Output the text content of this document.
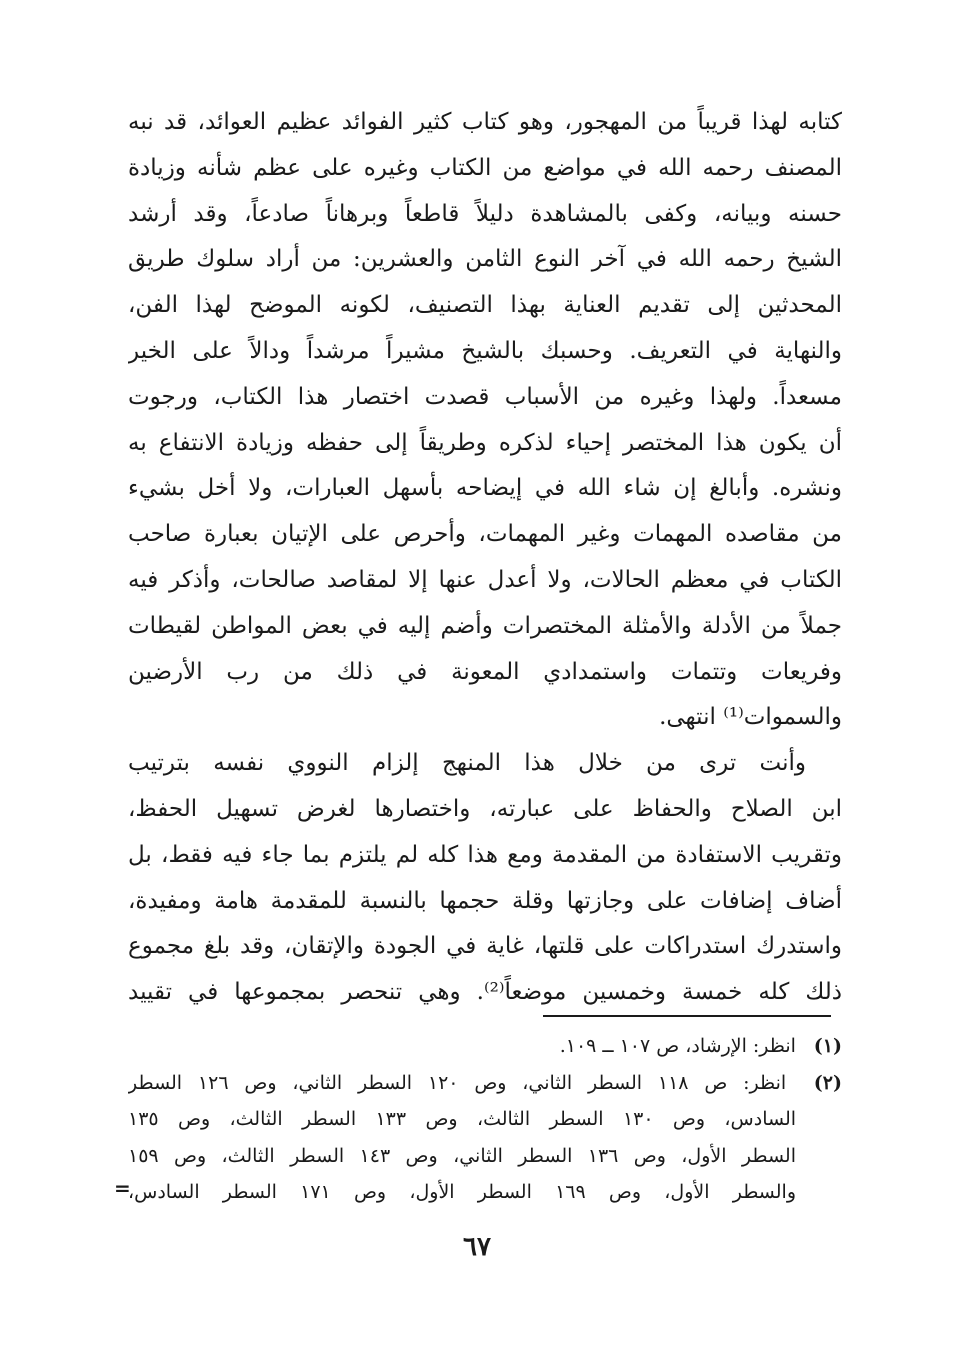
كتابه لهذا قريباً من المهجور، وهو كتاب كثير الفوائد عظيم العوائد، قد نبه
المصنف رحمه الله في مواضع من الكتاب وغيره على عظم شأنه وزيادة
حسنه وبيانه، وكفى بالمشاهدة دليلاً قاطعاً وبرهاناً صادعاً، وقد أرشد
الشيخ رحمه الله في آخر النوع الثامن والعشرين: من أراد سلوك طريق
المحدثين إلى تقديم العناية بهذا التصنيف، لكونه الموضح لهذا الفن،
والنهاية في التعريف. وحسبك بالشيخ مشيراً مرشداً ودالاً على الخير
مسعداً. ولهذا وغيره من الأسباب قصدت اختصار هذا الكتاب، ورجوت
أن يكون هذا المختصر إحياء لذكره وطريقاً إلى حفظه وزيادة الانتفاع به
ونشره. وأبالغ إن شاء الله في إيضاحه بأسهل العبارات، ولا أخل بشيء
من مقاصده المهمات وغير المهمات، وأحرص على الإتيان بعبارة صاحب
الكتاب في معظم الحالات، ولا أعدل عنها إلا لمقاصد صالحات، وأذكر فيه
جملاً من الأدلة والأمثلة المختصرات وأضم إليه في بعض المواطن لقيطات
وفريعات وتتمات واستمدادي المعونة في ذلك من رب الأرضين
والسموات⁽¹⁾ انتهى.
وأنت ترى من خلال هذا المنهج إلزام النووي نفسه بترتيب
ابن الصلاح والحفاظ على عبارته، واختصارها لغرض تسهيل الحفظ،
وتقريب الاستفادة من المقدمة ومع هذا كله لم يلتزم بما جاء فيه فقط، بل
أضاف إضافات على وجازتها وقلة حجمها بالنسبة للمقدمة هامة ومفيدة،
واستدرك استدراكات على قلتها، غاية في الجودة والإتقان، وقد بلغ مجموع
ذلك كله خمسة وخمسين موضعاً⁽²⁾. وهي تنحصر بمجموعها في تقييد
(١) انظر: الإرشاد، ص ١٠٧ ــ ١٠٩.
(٢) انظر: ص ١١٨ السطر الثاني، وص ١٢٠ السطر الثاني، وص ١٢٦ السطر
السادس، وص ١٣٠ السطر الثالث، وص ١٣٣ السطر الثالث، وص ١٣٥
السطر الأول، وص ١٣٦ السطر الثاني، وص ١٤٣ السطر الثالث، وص ١٥٩
والسطر الأول، وص ١٦٩ السطر الأول، وص ١٧١ السطر السادس،
=
٦٧
